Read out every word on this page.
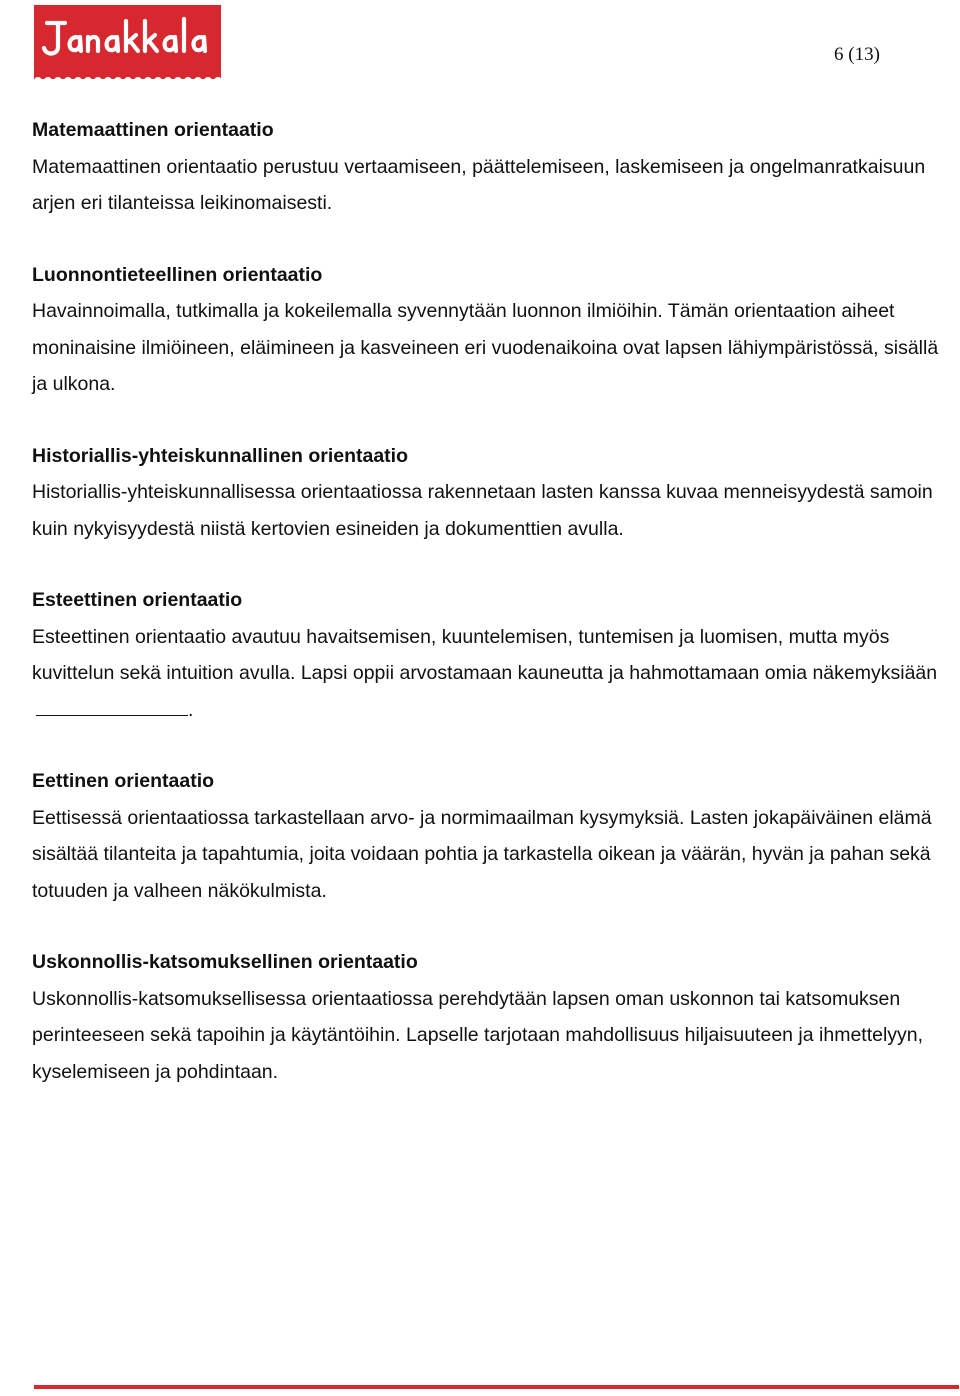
6 (13)

Matemaattinen orientaatio

Matemaattinen orientaatio perustuu vertaamiseen, päättelemiseen, laskemiseen ja ongelmanratkaisuun arjen eri tilanteissa leikinomaisesti.

Luonnontieteellinen orientaatio

Havainnoimalla, tutkimalla ja kokeilemalla syvennytään luonnon ilmiöihin. Tämän orientaation aiheet moninaisine ilmiöineen, eläimineen ja kasveineen eri vuodenaikoina ovat lapsen lähiympäristössä, sisällä ja ulkona.

Historiallis-yhteiskunnallinen orientaatio

Historiallis-yhteiskunnallisessa orientaatiossa rakennetaan lasten kanssa kuvaa menneisyydestä samoin kuin nykyisyydestä niistä kertovien esineiden ja dokumenttien avulla.

Esteettinen orientaatio

Esteettinen orientaatio avautuu havaitsemisen, kuuntelemisen, tuntemisen ja luomisen, mutta myös kuvittelun sekä intuition avulla. Lapsi oppii arvostamaan kauneutta ja hahmottamaan omia näkemyksiään .

Eettinen orientaatio

Eettisessä orientaatiossa tarkastellaan arvo- ja normimaailman kysymyksiä. Lasten jokapäiväinen elämä sisältää tilanteita ja tapahtumia, joita voidaan pohtia ja tarkastella oikean ja väärän, hyvän ja pahan sekä totuuden ja valheen näkökulmista.

Uskonnollis-katsomuksellinen orientaatio

Uskonnollis-katsomuksellisessa orientaatiossa perehdytään lapsen oman uskonnon tai katsomuksen perinteeseen sekä tapoihin ja käytäntöihin. Lapselle tarjotaan mahdollisuus hiljaisuuteen ja ihmettelyyn, kyselemiseen ja pohdintaan.
